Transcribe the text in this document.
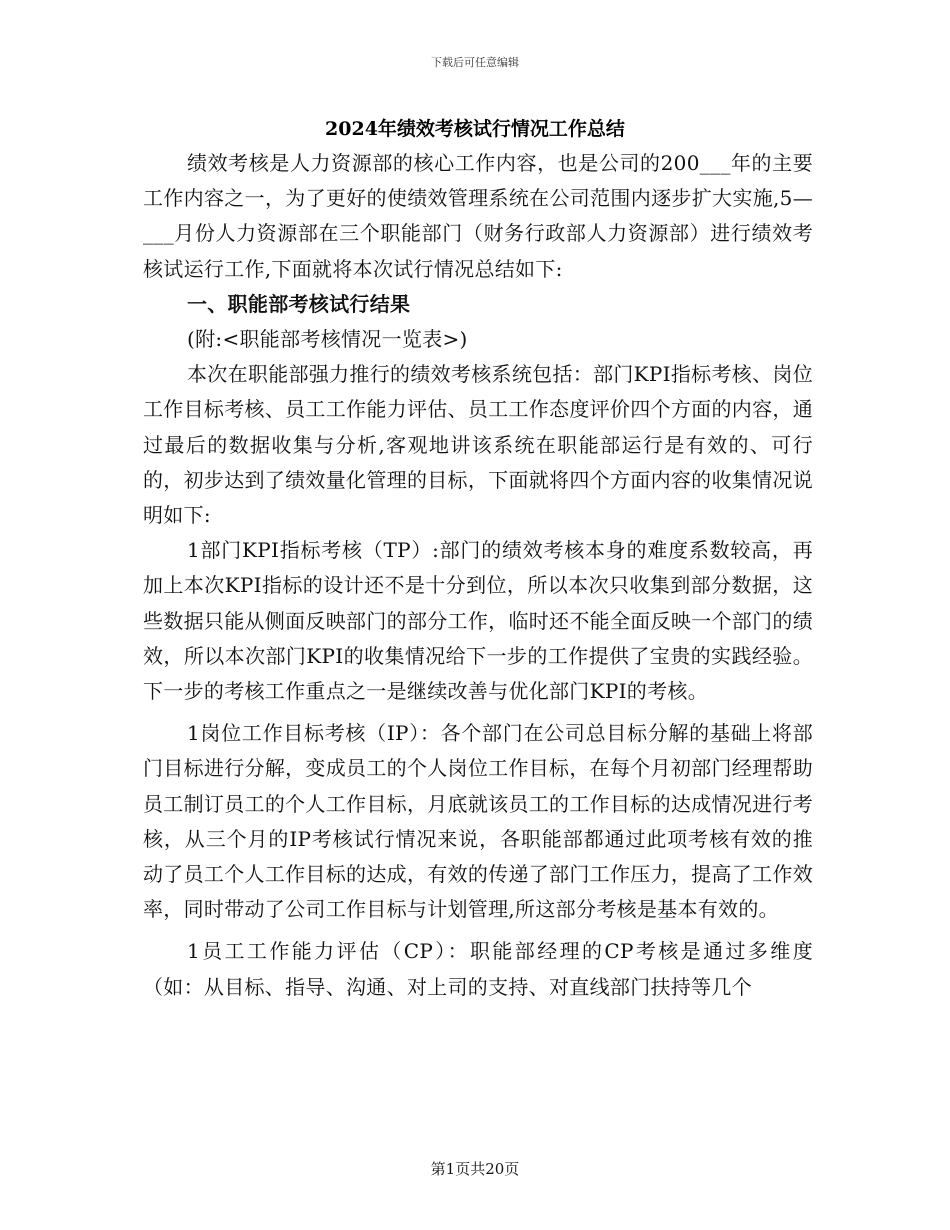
下载后可任意编辑
2024年绩效考核试行情况工作总结

绩效考核是人力资源部的核心工作内容，也是公司的200___年的主要工作内容之一，为了更好的使绩效管理系统在公司范围内逐步扩大实施,5—___月份人力资源部在三个职能部门（财务行政部人力资源部）进行绩效考核试运行工作,下面就将本次试行情况总结如下:

一、职能部考核试行结果

(附:<职能部考核情况一览表>)

本次在职能部强力推行的绩效考核系统包括：部门KPI指标考核、岗位工作目标考核、员工工作能力评估、员工工作态度评价四个方面的内容，通过最后的数据收集与分析,客观地讲该系统在职能部运行是有效的、可行的，初步达到了绩效量化管理的目标，下面就将四个方面内容的收集情况说明如下:

1部门KPI指标考核（TP）:部门的绩效考核本身的难度系数较高，再加上本次KPI指标的设计还不是十分到位，所以本次只收集到部分数据，这些数据只能从侧面反映部门的部分工作，临时还不能全面反映一个部门的绩效，所以本次部门KPI的收集情况给下一步的工作提供了宝贵的实践经验。下一步的考核工作重点之一是继续改善与优化部门KPI的考核。

1岗位工作目标考核（IP）：各个部门在公司总目标分解的基础上将部门目标进行分解，变成员工的个人岗位工作目标，在每个月初部门经理帮助员工制订员工的个人工作目标，月底就该员工的工作目标的达成情况进行考核，从三个月的IP考核试行情况来说，各职能部都通过此项考核有效的推动了员工个人工作目标的达成，有效的传递了部门工作压力，提高了工作效率，同时带动了公司工作目标与计划管理,所这部分考核是基本有效的。

1员工工作能力评估（CP）：职能部经理的CP考核是通过多维度（如：从目标、指导、沟通、对上司的支持、对直线部门扶持等几个

第1页共20页
